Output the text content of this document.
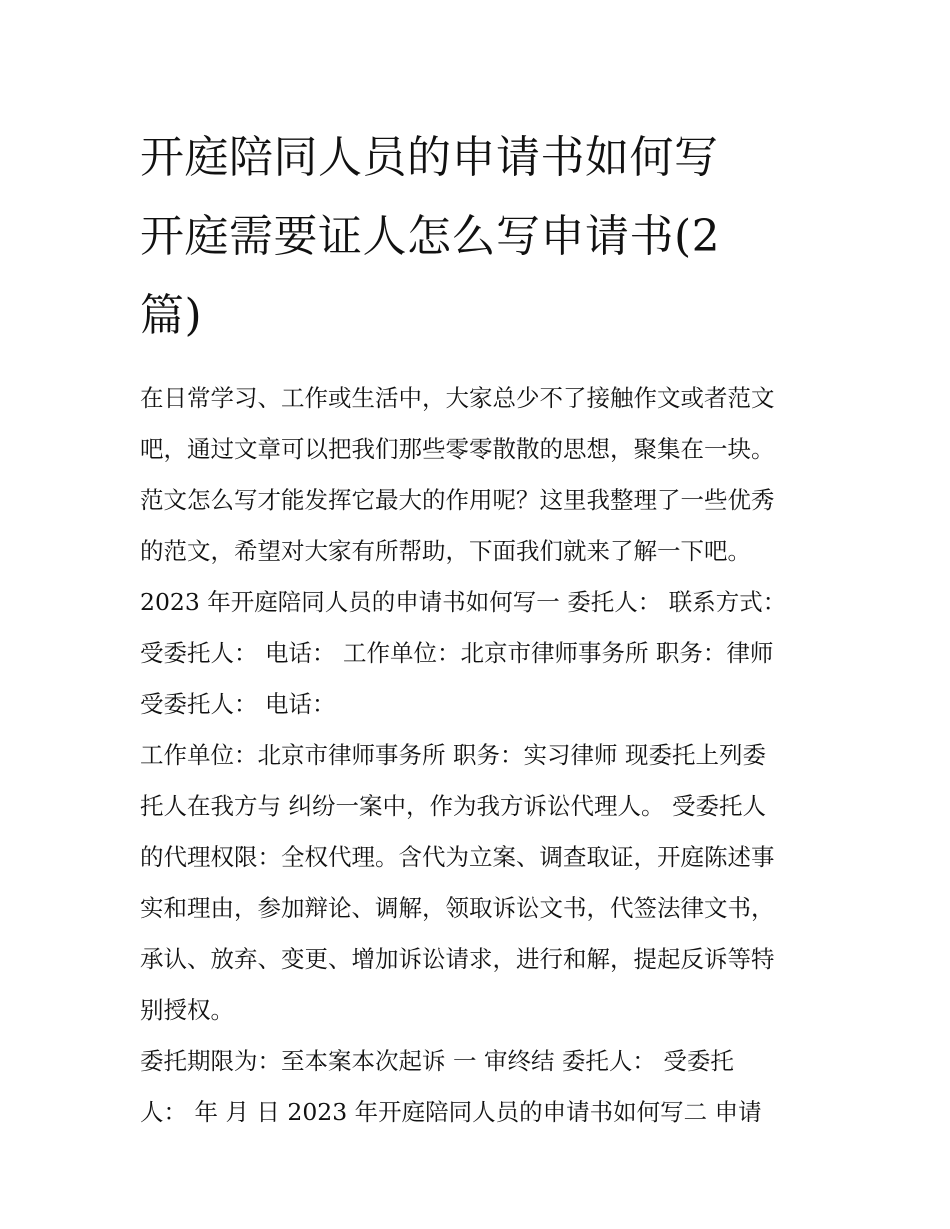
开庭陪同人员的申请书如何写
开庭需要证人怎么写申请书(2
篇)
在日常学习、工作或生活中，大家总少不了接触作文或者范文
吧，通过文章可以把我们那些零零散散的思想，聚集在一块。
范文怎么写才能发挥它最大的作用呢？这里我整理了一些优秀
的范文，希望对大家有所帮助，下面我们就来了解一下吧。
2023 年开庭陪同人员的申请书如何写一 委托人： 联系方式：
受委托人： 电话： 工作单位：北京市律师事务所 职务：律师
受委托人： 电话：
工作单位：北京市律师事务所 职务：实习律师 现委托上列委
托人在我方与 纠纷一案中，作为我方诉讼代理人。 受委托人
的代理权限：全权代理。含代为立案、调查取证，开庭陈述事
实和理由，参加辩论、调解，领取诉讼文书，代签法律文书，
承认、放弃、变更、增加诉讼请求，进行和解，提起反诉等特
别授权。
委托期限为：至本案本次起诉 一 审终结 委托人： 受委托
人： 年 月 日 2023 年开庭陪同人员的申请书如何写二 申请
